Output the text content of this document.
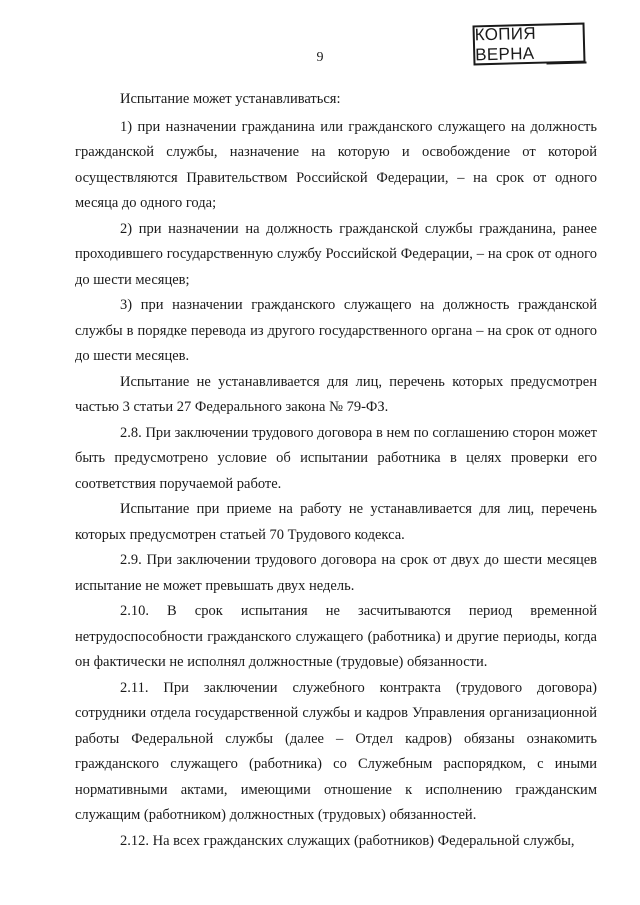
9
КОПИЯ ВЕРНА

Испытание может устанавливаться:

1) при назначении гражданина или гражданского служащего на должность гражданской службы, назначение на которую и освобождение от которой осуществляются Правительством Российской Федерации, – на срок от одного месяца до одного года;

2) при назначении на должность гражданской службы гражданина, ранее проходившего государственную службу Российской Федерации, – на срок от одного до шести месяцев;

3) при назначении гражданского служащего на должность гражданской службы в порядке перевода из другого государственного органа – на срок от одного до шести месяцев.

Испытание не устанавливается для лиц, перечень которых предусмотрен частью 3 статьи 27 Федерального закона № 79-ФЗ.

2.8. При заключении трудового договора в нем по соглашению сторон может быть предусмотрено условие об испытании работника в целях проверки его соответствия поручаемой работе.

Испытание при приеме на работу не устанавливается для лиц, перечень которых предусмотрен статьей 70 Трудового кодекса.

2.9. При заключении трудового договора на срок от двух до шести месяцев испытание не может превышать двух недель.

2.10. В срок испытания не засчитываются период временной нетрудоспособности гражданского служащего (работника) и другие периоды, когда он фактически не исполнял должностные (трудовые) обязанности.

2.11. При заключении служебного контракта (трудового договора) сотрудники отдела государственной службы и кадров Управления организационной работы Федеральной службы (далее – Отдел кадров) обязаны ознакомить гражданского служащего (работника) со Служебным распорядком, с иными нормативными актами, имеющими отношение к исполнению гражданским служащим (работником) должностных (трудовых) обязанностей.

2.12. На всех гражданских служащих (работников) Федеральной службы,
